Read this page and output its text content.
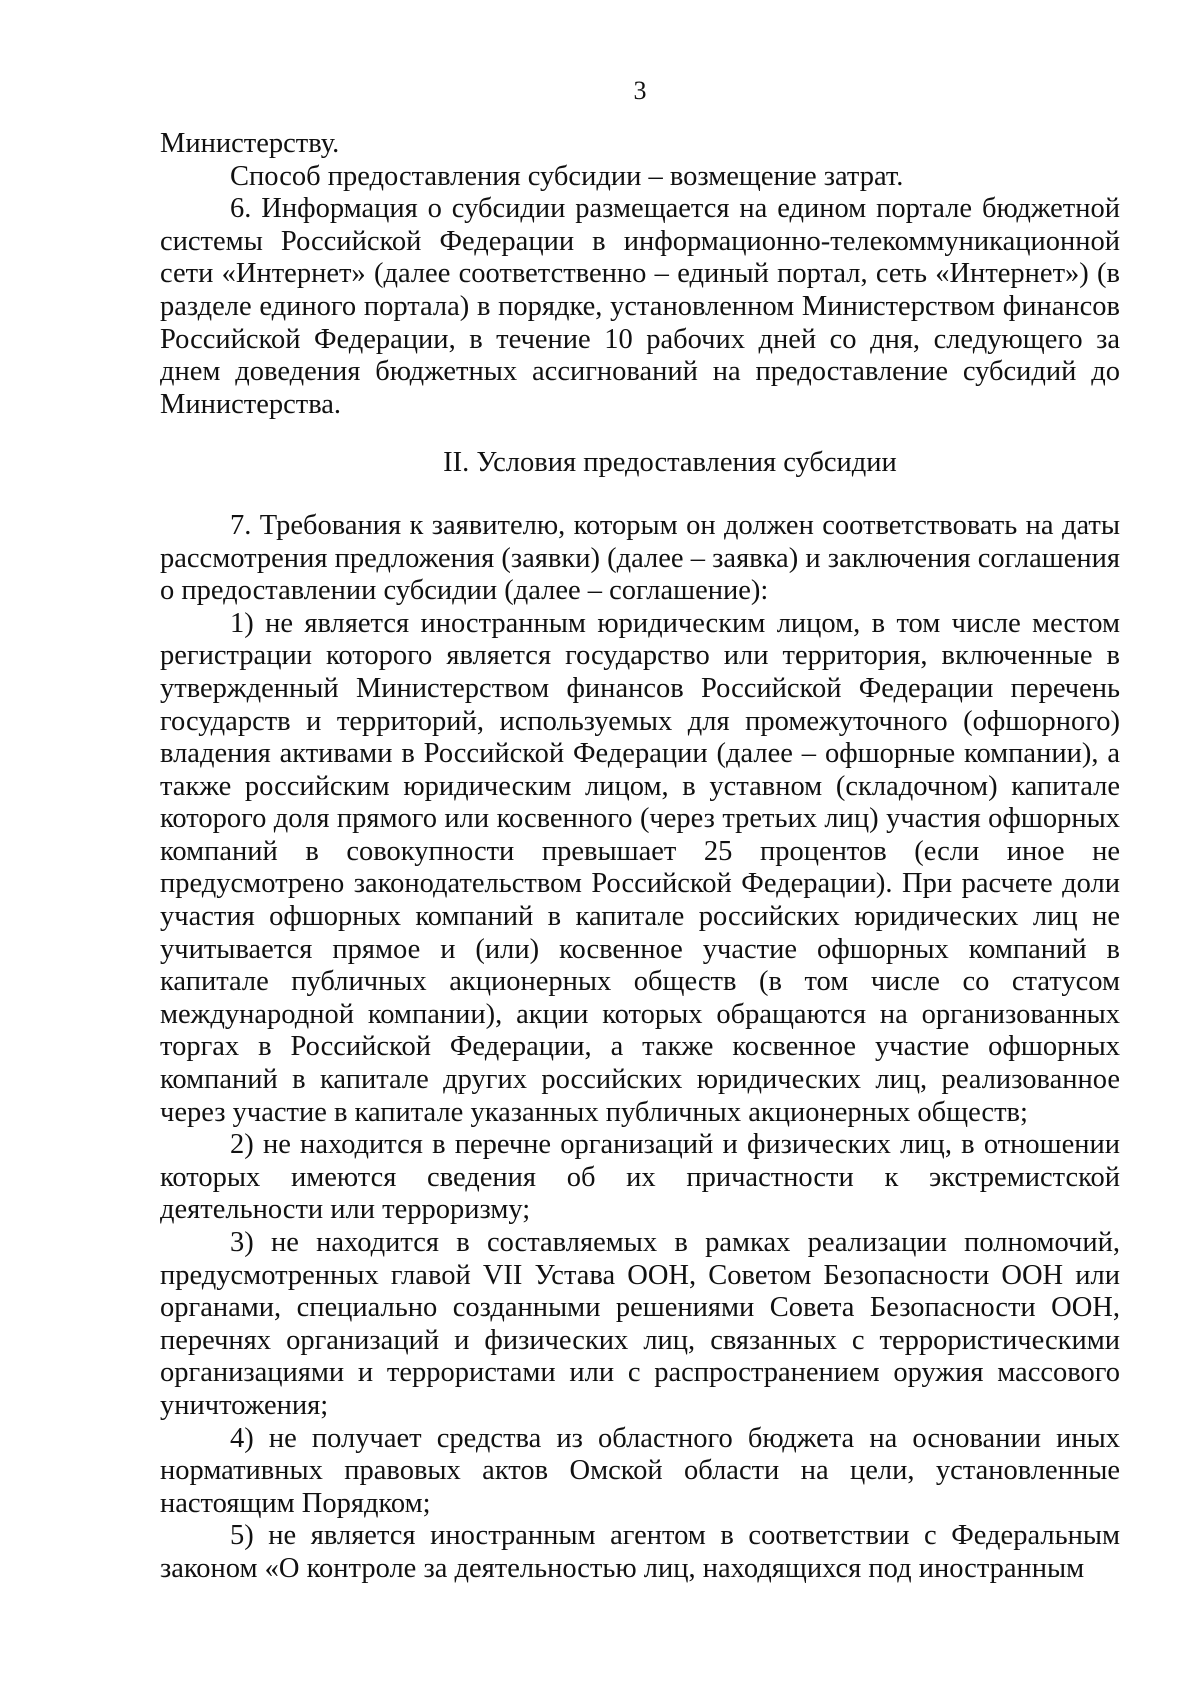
3

Министерству.

Способ предоставления субсидии – возмещение затрат.

6. Информация о субсидии размещается на едином портале бюджетной системы Российской Федерации в информационно-телекоммуникационной сети «Интернет» (далее соответственно – единый портал, сеть «Интернет») (в разделе единого портала) в порядке, установленном Министерством финансов Российской Федерации, в течение 10 рабочих дней со дня, следующего за днем доведения бюджетных ассигнований на предоставление субсидий до Министерства.

II. Условия предоставления субсидии

7. Требования к заявителю, которым он должен соответствовать на даты рассмотрения предложения (заявки) (далее – заявка) и заключения соглашения о предоставлении субсидии (далее – соглашение):

1) не является иностранным юридическим лицом, в том числе местом регистрации которого является государство или территория, включенные в утвержденный Министерством финансов Российской Федерации перечень государств и территорий, используемых для промежуточного (офшорного) владения активами в Российской Федерации (далее – офшорные компании), а также российским юридическим лицом, в уставном (складочном) капитале которого доля прямого или косвенного (через третьих лиц) участия офшорных компаний в совокупности превышает 25 процентов (если иное не предусмотрено законодательством Российской Федерации). При расчете доли участия офшорных компаний в капитале российских юридических лиц не учитывается прямое и (или) косвенное участие офшорных компаний в капитале публичных акционерных обществ (в том числе со статусом международной компании), акции которых обращаются на организованных торгах в Российской Федерации, а также косвенное участие офшорных компаний в капитале других российских юридических лиц, реализованное через участие в капитале указанных публичных акционерных обществ;

2) не находится в перечне организаций и физических лиц, в отношении которых имеются сведения об их причастности к экстремистской деятельности или терроризму;

3) не находится в составляемых в рамках реализации полномочий, предусмотренных главой VII Устава ООН, Советом Безопасности ООН или органами, специально созданными решениями Совета Безопасности ООН, перечнях организаций и физических лиц, связанных с террористическими организациями и террористами или с распространением оружия массового уничтожения;

4) не получает средства из областного бюджета на основании иных нормативных правовых актов Омской области на цели, установленные настоящим Порядком;

5) не является иностранным агентом в соответствии с Федеральным законом «О контроле за деятельностью лиц, находящихся под иностранным
